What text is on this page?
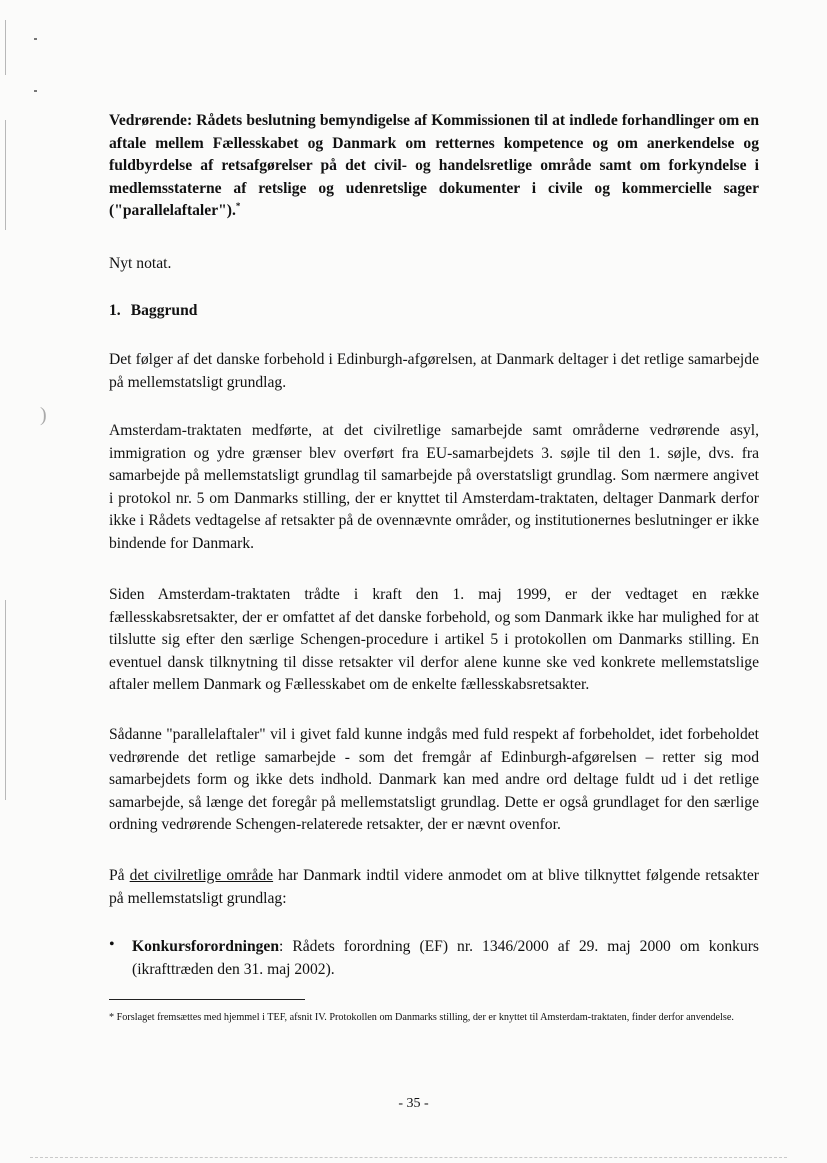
)

Vedrørende: Rådets beslutning bemyndigelse af Kommissionen til at indlede forhandlinger om en aftale mellem Fællesskabet og Danmark om retternes kompetence og om anerkendelse og fuldbyrdelse af retsafgørelser på det civil- og handelsretlige område samt om forkyndelse i medlemsstaterne af retslige og udenretslige dokumenter i civile og kommercielle sager ("parallelaftaler").*

Nyt notat.

1. Baggrund

Det følger af det danske forbehold i Edinburgh-afgørelsen, at Danmark deltager i det retlige samarbejde på mellemstatsligt grundlag.

Amsterdam-traktaten medførte, at det civilretlige samarbejde samt områderne vedrørende asyl, immigration og ydre grænser blev overført fra EU-samarbejdets 3. søjle til den 1. søjle, dvs. fra samarbejde på mellemstatsligt grundlag til samarbejde på overstatsligt grundlag. Som nærmere angivet i protokol nr. 5 om Danmarks stilling, der er knyttet til Amsterdam-traktaten, deltager Danmark derfor ikke i Rådets vedtagelse af retsakter på de ovennævnte områder, og institutionernes beslutninger er ikke bindende for Danmark.

Siden Amsterdam-traktaten trådte i kraft den 1. maj 1999, er der vedtaget en række fællesskabsretsakter, der er omfattet af det danske forbehold, og som Danmark ikke har mulighed for at tilslutte sig efter den særlige Schengen-procedure i artikel 5 i protokollen om Danmarks stilling. En eventuel dansk tilknytning til disse retsakter vil derfor alene kunne ske ved konkrete mellemstatslige aftaler mellem Danmark og Fællesskabet om de enkelte fællesskabsretsakter.

Sådanne "parallelaftaler" vil i givet fald kunne indgås med fuld respekt af forbeholdet, idet forbeholdet vedrørende det retlige samarbejde - som det fremgår af Edinburgh-afgørelsen – retter sig mod samarbejdets form og ikke dets indhold. Danmark kan med andre ord deltage fuldt ud i det retlige samarbejde, så længe det foregår på mellemstatsligt grundlag. Dette er også grundlaget for den særlige ordning vedrørende Schengen-relaterede retsakter, der er nævnt ovenfor.

På det civilretlige område har Danmark indtil videre anmodet om at blive tilknyttet følgende retsakter på mellemstatsligt grundlag:

• Konkursforordningen: Rådets forordning (EF) nr. 1346/2000 af 29. maj 2000 om konkurs (ikrafttræden den 31. maj 2002).

* Forslaget fremsættes med hjemmel i TEF, afsnit IV. Protokollen om Danmarks stilling, der er knyttet til Amsterdam-traktaten, finder derfor anvendelse.

- 35 -
